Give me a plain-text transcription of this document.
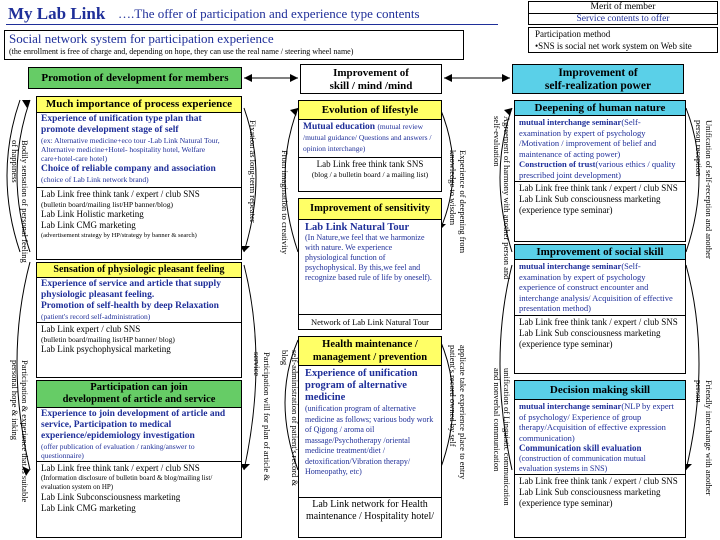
My Lab Link ….The offer of participation and experience type contents	Merit of member
Service contents to offer
Participation method
•SNS is social net work system on Web site
Social network system for participation experience
(the enrollment is free of charge and, depending on hope, they can use the real name / steering wheel name)
Promotion of development for members	Improvement of
skill / mind /mind
Improvement of
self-realization power
Much importance of process experience
Experience of unification type plan that promote development stage of self
(ex: Alternative medicine+eco tour -Lab Link Natural Tour, Alternative medicine+Hotel- hospitality hotel, Welfare care+hotel-care hotel)
Choice of reliable company and association (choice of Lab Link network brand)
Lab Link free think tank / expert / club SNS
(bulletin board/mailing list/HP banner/blog)
Lab Link Holistic marketing
Lab Link CMG marketing
(advertisement strategy by HP/strategy by banner & search)
Sensation of physiologic pleasant feeling
Experience of service and article that supply physiologic pleasant feeling.
Promotion of self-health by deep Relaxation
(patient's record self-administration)
Lab Link expert / club SNS
(bulletin board/mailing list/HP banner/ blog)
Lab Link psychophysical marketing
Participation can join
development of article and service
Experience to join development of article and service, Participation to medical experience/epidemiology investigation
(offer publication of evaluation / ranking/answer to questionnaire)
Lab Link free think tank / expert / club SNS
(Information disclosure of bulletin board & blog/mailing list/ evaluation system on HP)
Lab Link Subconsciousness marketing
Lab Link CMG marketing
Bodily sensation of personal feeling of happiness
Participation & experience that is suitable personal hope & inking
Fixation as long-term repeater
Participation will for plan of article & service
Evolution of lifestyle
Mutual education (mutual review /mutual guidance/ Questions and answers / opinion interchange)
Lab Link free think tank SNS
(blog / a bulletin board / a mailing list)
Improvement of sensitivity
Lab Link Natural Tour
(In Nature,we feel that we harmonize with nature. We experience physiological function of psychophysical. By this,we feel and recognize based rule of life by oneself).
Network of Lab Link Natural Tour
Health maintenance /
management / prevention
Experience of unification program of alternative medicine
(unification program of alternative medicine as follows; various body work of Qigong / aroma oil massage/Psychotherapy /oriental medicine treatment/diet / detoxification/Vibration therapy/ Homeopathy, etc)
Lab Link network for Health maintenance / Hospitality hotel/
From imagination to creativity	Experience of deepening from knowledge to wisdom
self-administration of patient's record & blog	applicate take experience place to entry patient's record owned by self
Deepening of human nature
mutual interchange seminar(Self-examination by expert of psychology /Motivation / improvement of belief and maintenance of acting power)
Construction of trust(various ethics / quality prescribed joint development)
Lab Link free think tank / expert / club SNS
Lab Link Sub consciousness marketing (experience type seminar)
Improvement of social skill
mutual interchange seminar(Self-examination by expert of psychology experience of construct encounter and interchange analysis/ Acquisition of effective presentation method)
Lab Link free think tank / expert / club SNS
Lab Link Sub consciousness marketing (experience type seminar)
Decision making skill
mutual interchange seminar(NLP by expert of psychology/ Experience of group therapy/Acquisition of effective expression communication)
Communication skill evaluation
(construction of communication mutual evaluation systems in SNS)
Lab Link free think tank / expert / club SNS
Lab Link Sub consciousness marketing (experience type seminar)
Agreement of harmony with another person and self-evaluation
unification of Linguistic communication and nonverbal communication
Unification of self-reception and another person reception
Friendly interchange with another person
